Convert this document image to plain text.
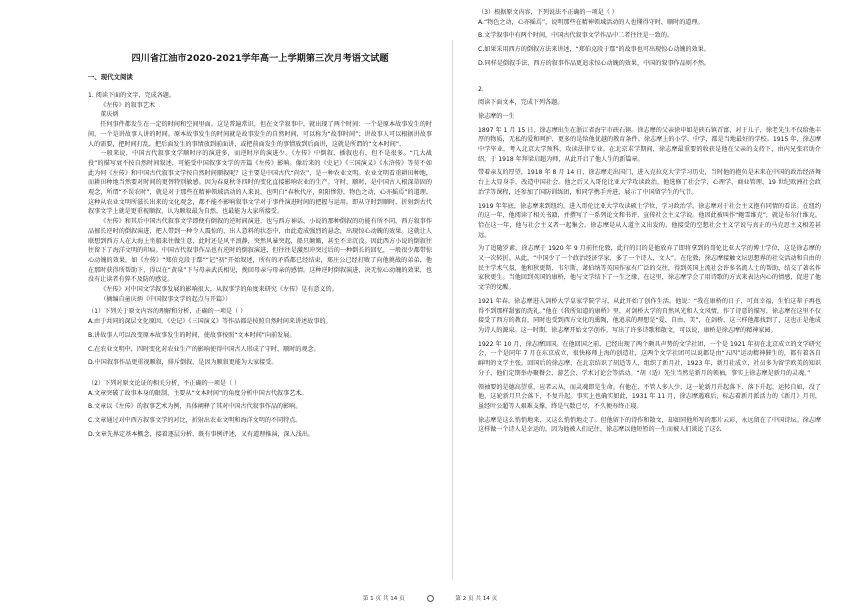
四川省江油市2020-2021学年高一上学期第三次月考语文试题
一、现代文阅读

1. 阅读下面的文字，完成各题。

《左传》的叙事艺术

董庆炳

任何事件都发生在一定的时间和空间里面。这是普遍常识，但在文学叙事中，就出现了两个时间：一个是原本故事发生的时间，一个是讲故事人讲的时间。原本故事发生的时间就是故事发生的自然时间，可以称为“故事时间”；讲故事人可以根据讲故事人的需要，把时间打乱，把后面发生的事情放到前面讲，或把前面发生的事情放到后面讲，这就是所谓的“文本时间”。

一般来说，中国古代叙事文学顺时序的演进多，而逆时序的演进少。《左传》中倒叙、插叙也有，但不是很多。“几大战役”的描写衰不按自然时间叙述，可能受中国叙事文学的开篇《左传》影响。像后来的《史记》《三国演义》《水浒传》等莫不如此为何《左传》和中国古代叙事文学按自然时间顺叙呢？这主要是中国古代“尚农”，是一种农业文明。农业文明看重耕田种地，而耕田种地当然要对时间的更替特别敏感。因为春夏秋冬四时的变化直接影响农业的生产。守时、顺时，是中国古人根深蒂固的观念，所谓“不误农时”，就是对于那些在精神领域活动的人来说，也明白“春秋代序，阴阳惨舒，物色之动，心亦摇焉”的道理。这种从农业文明所滋长出来的文化观念，都不能不影响叙事文学对于事件演进时间的把握与运用。即从守时到顺时，折射到古代叙事文学上就是更重视顺叙，认为顺叙最为自然，也最能为大家所接受。

《左传》和其后中国古代叙事文学即便有倒叙的逆时间演进，也与西方神话、小说的那种倒叙的功能有所不同。西方叙事作品擅长逆时的倒叙演进，把人带到一种令人震惊的、出人意料的状态中，由此造成强烈的悬念，出现惊心动魄的效果。这就让人联想到西方人在大海上坐船来往做生意，此时还是风平浪静，突然风暴突起，船只颠簸，甚至不幸沉没。因此西方小说的倒叙往往留下了海洋文明的印痕。中国古代叙事作品也有逆时的倒叙演进，但往往是激烈冲突过后的一种倒长的回忆，一般很少都带惊心动魄的效果。如《左传》“郑伯克段于鄢”“记”初”开始叙述，所有的矛盾都已经结束，郑庄公已经打败了向他挑战的弟弟，他在那时获得所帮助下，得以在“黄泉”下与母亲武氏相见，挽回母亲与母亲的感情。这种逆时倒叙演进，决无惊心动魄的效果，也没有让读者有猝不及防的感觉。

《左传》对中国文学叙事发展的影响很大，从叙事学的角度来研究《左传》是有意义的。

（摘编自童庆炳《中国叙事文学的起点与开篇》）

（1）下列关于原文内容的理解和分析，正确的一项是（ ）

A.由于共同的深层文化原因，《史记》《三国演义》等作品都是按照自然时间来讲述故事的。

B.讲故事人可以改变原本故事发生的时间，使故事按照“文本时间”向前发展。

C.在农业文明中，四时变化对农业生产的影响使得中国古人形成了守时、顺时的观念。

D.中国叙事作品更重视顺叙，排斥倒叙，是因为顺叙更能为大家接受。

（2）下列对原文论证的相关分析，不正确的一项是（ ）

A.文章突破了故事本身的限制，主要从“文本时间”的角度分析中国古代叙事艺术。

B.文章以《左传》的叙事艺术为例，具体阐释了其对中国古代叙事作品的影响。

C.文章通过对中西方叙事文学的对比，折射出农业文明和海洋文明的不同特点。

D.文章先界定基本概念，接着逐层分析，既有事例评述，又有道理推演，深入浅出。

（3）根据原文内容，下列说法不正确的一项是（ ）

A.“物色之动，心亦摇焉”，说明那些在精神领域活动的人也懂得守时、顺时的道理。

B.文学叙事中有两个时间，中国古代叙事文学作品中二者往往是一致的。

C.如果采用西方的倒叙方法来讲述，“郑伯克段于鄢”的故事也可出现惊心动魄的效果。

D.同样是倒叙手法，西方的叙事作品更追求惊心动魄的效果，中国的叙事作品则不然。

2.

阅读下面文本，完成下列各题。

徐志摩的一生

1897 年 1 月 15 日，徐志摩出生在浙江省海宁市硖石镇。徐志摩的父亲徐申如是硖石镇首富，对于儿子，徐老先生不仅给他丰厚的物质，无私的爱和呵护，更多的是给他优越的教育条件。徐志摩上的小学、中学，都是当地最好的学校。1915 年，徐志摩中学毕业，考入北京大学预科，攻读法律专业。在北京求学期间，徐志摩最重要的收获是他在父亲的支持下，由内兄张君劢介绍，于 1918 年拜梁启超为师，从此开启了他人生的新篇章。

带着亲友的厚望，1918 年 8 月 14 日，徐志摩走出国门，进入克拉克大学学习历史，当时他的抱负是未来在中国的政治经济舞台上大显身手，改造中国社会。他之后又入哥伦比亚大学攻读政治，他选修了社会学、心理学、商业管理、19 世纪欧洲社会政治学等课程，还参加了国防训练团，和同学携手并进，展示了中国留学生的气节。

1919 年年底，徐志摩来到纽约，进入哥伦比亚大学攻读硕士学位，学习政治学。徐志摩对于社会主义抱有同情的看法。在纽约的这一年，他阅读了相关书籍，并撰写了一系列论文和书评，宣传社会主义学说。他因此被叫作“鲍雪维克”，就是布尔什维克。恰在这一年，他与社会主义者一起集会。徐志摩是从人道主义出发的，他接受的空想社会主义学说与真正的马克思主义相差甚远。

为了追随罗素，徐志摩于 1920 年 9 月前往伦敦，此行的目的是他放弃了即将拿到的哥伦比亚大学的博士学位，这是徐志摩的又一次转折。从此，“中国少了一个政治经济学家，多了一个诗人，文人”。在伦敦，徐志摩接触文坛思想界的社交活动和自由的民主学术气氛，他和狄更斯、韦尔斯、萧伯纳等英国作家有广泛的交往，得到英国上流社会许多名流人士的帮助，结交了著名作家狄更生。当他回到英国的康桥，他与文学结下了一生之缘，在这里，徐志摩学会了用诗歌的方式来表达内心的情感，促进了他文学的觉醒。

1921 年春，徐志摩进入剑桥大学皇家学院学习，从此开始了创作生活。他说：“我在康桥的日子，可真幸福，生怕这辈子再也得不到那样甜蜜的洗礼。”他在《我所知道的康桥》里，对剑桥大学的自然风光和人文风情，作了诗意的描写，徐志摩在这里不仅接受了西方的教育，同时也受到西方文化的熏陶，他追求的理想是“爱、自由、美”，在剑桥，这三样他都找到了，这也正是他成为诗人的源泉。这一时期，徐志摩开始文学创作，写出了许多诗歌和散文，可以说，康桥是徐志摩的精神家园。

1922 年 10 月，徐志摩回国。在他回国之前，已经出现了两个颇具声势的文学社团，一个是 1921 年初在北京成立的文学研究会，一个是同年 7 月在东京成立，很快移师上海的创造社，这两个文学社团可以说都是由“五四”运动精神催生的，都有着各自鲜明的文学主张。回国后的徐志摩，在北京结识了胡适等人，组织了新月社，1923 年，新月社成立，社员多为留学欧美的知识分子，他们定期举办聚餐会、游艺会、学术讨论会等活动。“胡（适）先生当然是新月的领袖，事实上徐志摩是新月的灵魂。”

领袖要的是德高望重，应者云从，而灵魂即是生命。有他在，不管人多人少，这一轮新月升起落下、落下升起，运转自如，没了他，这轮新月只会落下，不复升起。事实上也确实如此，1931 年 11 月，徐志摩遇难后，标志着新月派活力的《新月》月刊，虽经叶公超等人艰难支撑，终是气数已尽，不久便寿终正寝。

徐志摩是这么悄悄地来，又这么悄悄地走了。但他留下的诗作和散文，却如同他所写的那片云彩，永远留在了中国诗坛。徐志摩这样做一个诗人是幸运的，因为他被人们记住，徐志摩以他短暂的一生而被人们谈论了这么

第 1 页 共 14 页	第 2 页 共 14 页
